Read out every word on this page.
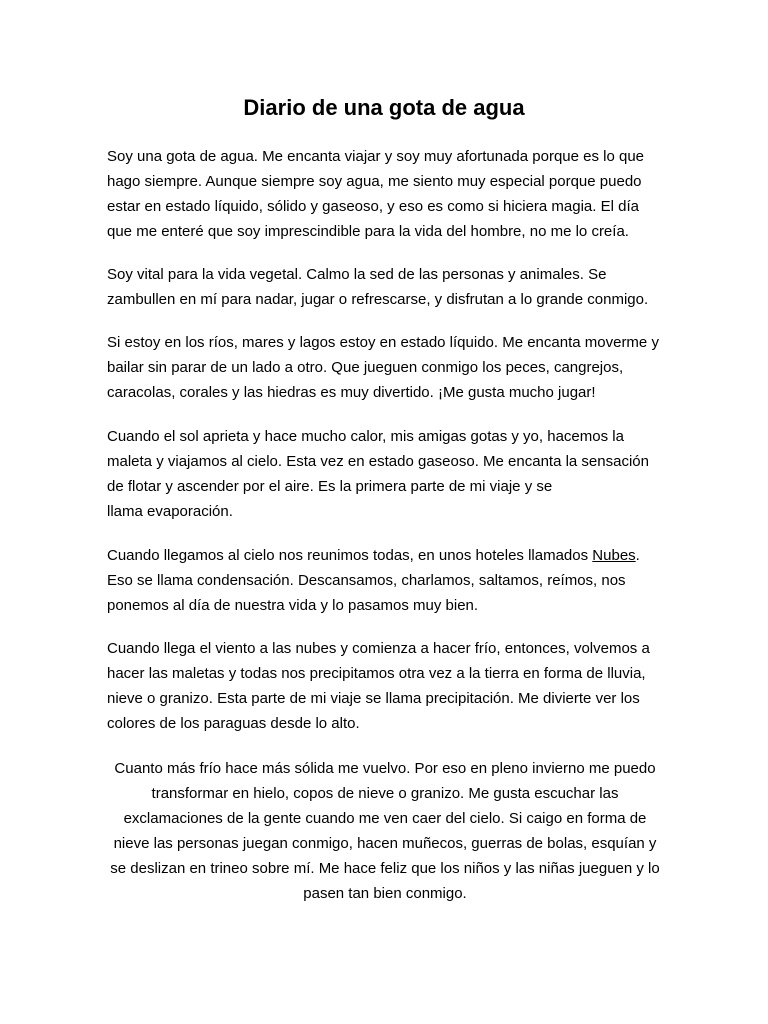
Diario de una gota de agua

Soy una gota de agua. Me encanta viajar y soy muy afortunada porque es lo que hago siempre. Aunque siempre soy agua, me siento muy especial porque puedo estar en estado líquido, sólido y gaseoso, y eso es como si hiciera magia. El día que me enteré que soy imprescindible para la vida del hombre, no me lo creía.

Soy vital para la vida vegetal. Calmo la sed de las personas y animales. Se zambullen en mí para nadar, jugar o refrescarse, y disfrutan a lo grande conmigo.

Si estoy en los ríos, mares y lagos estoy en estado líquido. Me encanta moverme y bailar sin parar de un lado a otro. Que jueguen conmigo los peces, cangrejos, caracolas, corales y las hiedras es muy divertido. ¡Me gusta mucho jugar!

Cuando el sol aprieta y hace mucho calor, mis amigas gotas y yo, hacemos la maleta y viajamos al cielo. Esta vez en estado gaseoso. Me encanta la sensación de flotar y ascender por el aire. Es la primera parte de mi viaje y se
llama evaporación.

Cuando llegamos al cielo nos reunimos todas, en unos hoteles llamados Nubes. Eso se llama condensación. Descansamos, charlamos, saltamos, reímos, nos ponemos al día de nuestra vida y lo pasamos muy bien.

Cuando llega el viento a las nubes y comienza a hacer frío, entonces, volvemos a hacer las maletas y todas nos precipitamos otra vez a la tierra en forma de lluvia, nieve o granizo. Esta parte de mi viaje se llama precipitación. Me divierte ver los colores de los paraguas desde lo alto.

Cuanto más frío hace más sólida me vuelvo. Por eso en pleno invierno me puedo transformar en hielo, copos de nieve o granizo. Me gusta escuchar las exclamaciones de la gente cuando me ven caer del cielo. Si caigo en forma de nieve las personas juegan conmigo, hacen muñecos, guerras de bolas, esquían y se deslizan en trineo sobre mí. Me hace feliz que los niños y las niñas jueguen y lo pasen tan bien conmigo.
